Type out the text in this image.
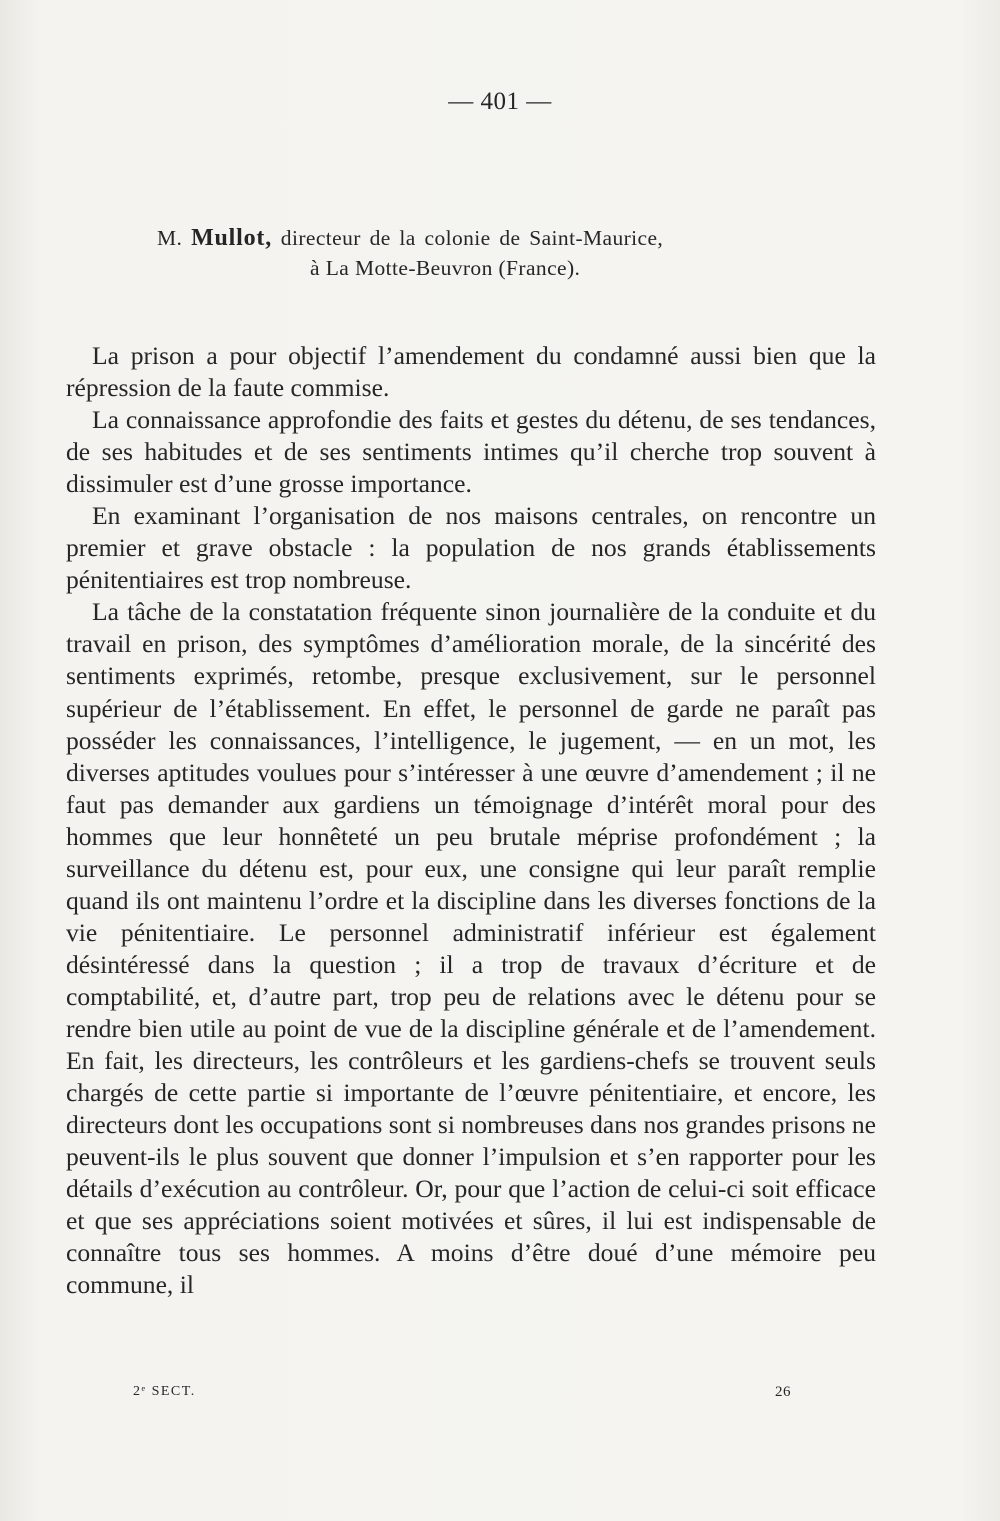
— 401 —
M. Mullot, directeur de la colonie de Saint-Maurice,
à La Motte-Beuvron (France).

La prison a pour objectif l’amendement du condamné aussi bien que la répression de la faute commise.

La connaissance approfondie des faits et gestes du détenu, de ses tendances, de ses habitudes et de ses sentiments intimes qu’il cherche trop souvent à dissimuler est d’une grosse importance.

En examinant l’organisation de nos maisons centrales, on rencontre un premier et grave obstacle : la population de nos grands établissements pénitentiaires est trop nombreuse.

La tâche de la constatation fréquente sinon journalière de la conduite et du travail en prison, des symptômes d’amélioration morale, de la sincérité des sentiments exprimés, retombe, presque exclusivement, sur le personnel supérieur de l’établissement. En effet, le personnel de garde ne paraît pas posséder les connaissances, l’intelligence, le jugement, — en un mot, les diverses aptitudes voulues pour s’intéresser à une œuvre d’amendement ; il ne faut pas demander aux gardiens un témoignage d’intérêt moral pour des hommes que leur honnêteté un peu brutale méprise profondément ; la surveillance du détenu est, pour eux, une consigne qui leur paraît remplie quand ils ont maintenu l’ordre et la discipline dans les diverses fonctions de la vie pénitentiaire. Le personnel administratif inférieur est également désintéressé dans la question ; il a trop de travaux d’écriture et de comptabilité, et, d’autre part, trop peu de relations avec le détenu pour se rendre bien utile au point de vue de la discipline générale et de l’amendement. En fait, les directeurs, les contrôleurs et les gardiens-chefs se trouvent seuls chargés de cette partie si importante de l’œuvre pénitentiaire, et encore, les directeurs dont les occupations sont si nombreuses dans nos grandes prisons ne peuvent-ils le plus souvent que donner l’impulsion et s’en rapporter pour les détails d’exécution au contrôleur. Or, pour que l’action de celui-ci soit efficace et que ses appréciations soient motivées et sûres, il lui est indispensable de connaître tous ses hommes. A moins d’être doué d’une mémoire peu commune, il

2ᵉ SECT.	26
